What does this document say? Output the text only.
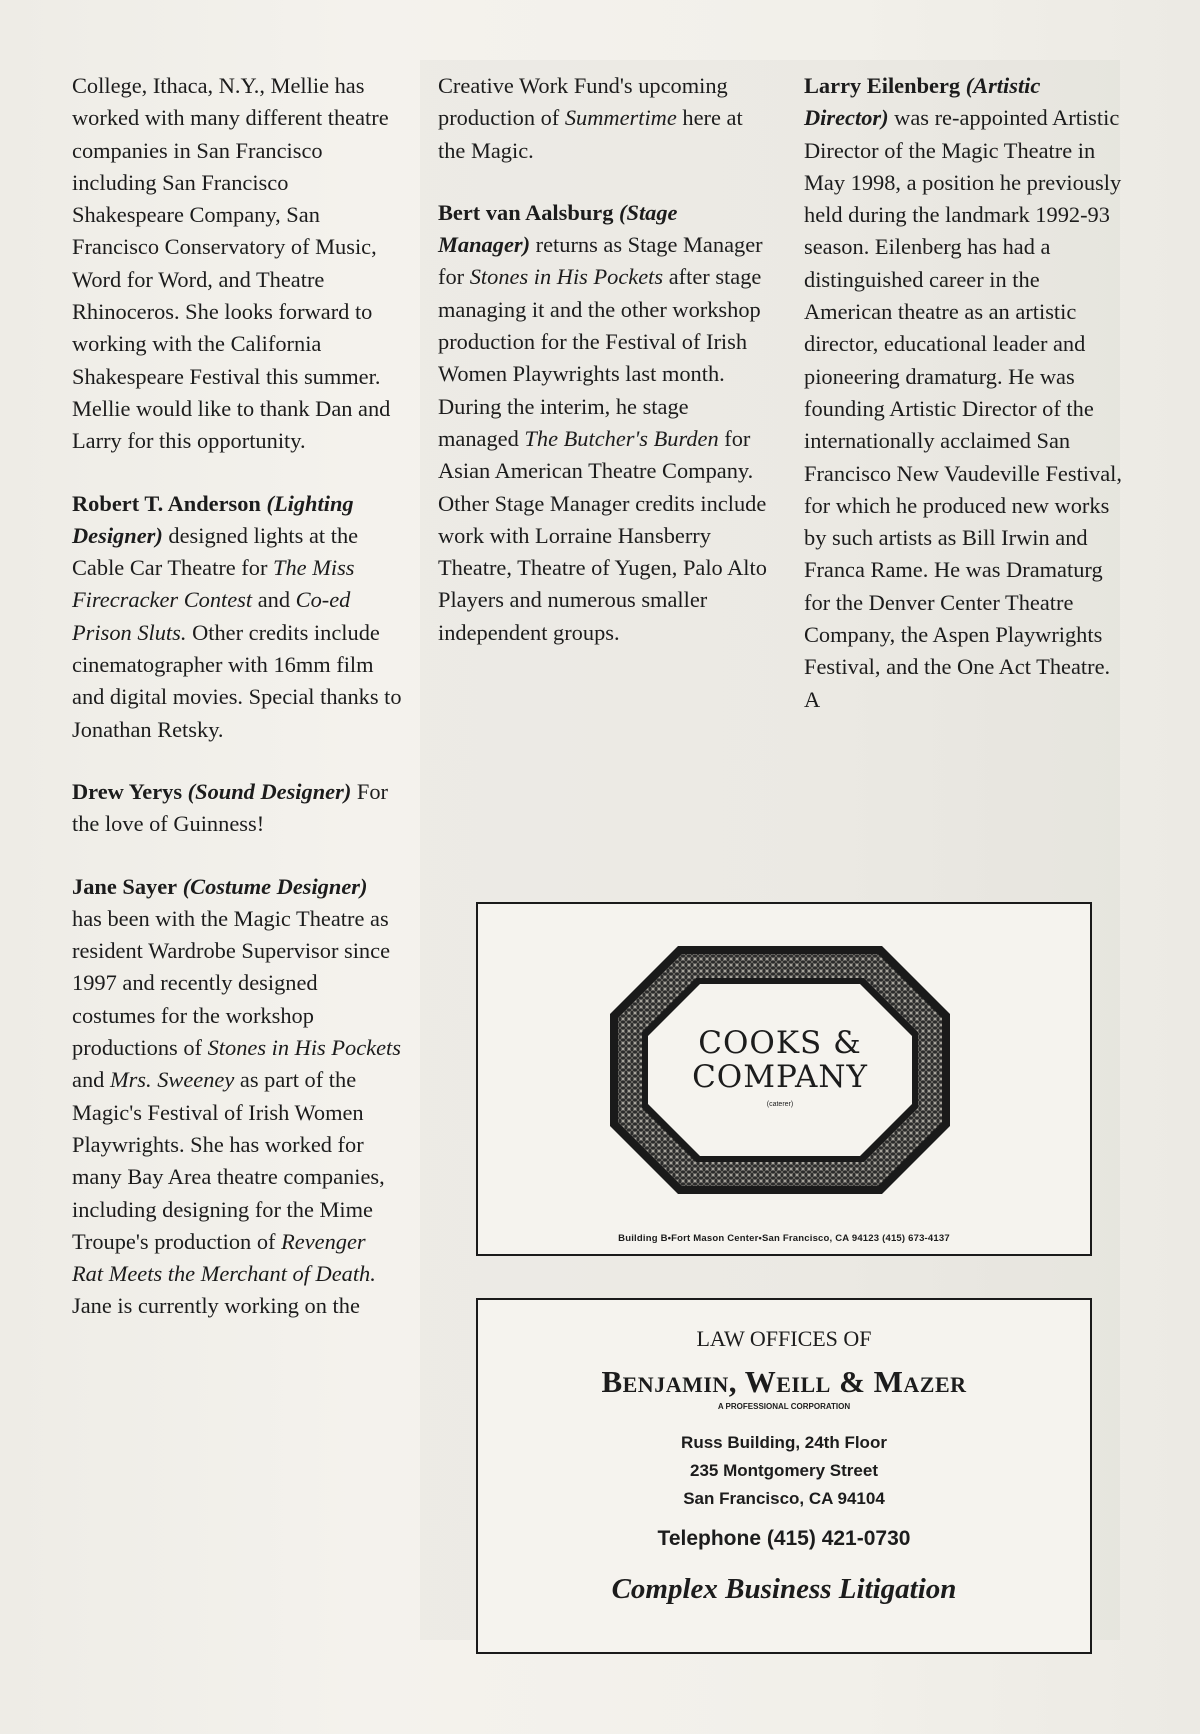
College, Ithaca, N.Y., Mellie has worked with many different theatre companies in San Francisco including San Francisco Shakespeare Company, San Francisco Conservatory of Music, Word for Word, and Theatre Rhinoceros. She looks forward to working with the California Shakespeare Festival this summer. Mellie would like to thank Dan and Larry for this opportunity.

Robert T. Anderson (Lighting Designer) designed lights at the Cable Car Theatre for The Miss Firecracker Contest and Co-ed Prison Sluts. Other credits include cinematographer with 16mm film and digital movies. Special thanks to Jonathan Retsky.

Drew Yerys (Sound Designer) For the love of Guinness!

Jane Sayer (Costume Designer) has been with the Magic Theatre as resident Wardrobe Supervisor since 1997 and recently designed costumes for the workshop productions of Stones in His Pockets and Mrs. Sweeney as part of the Magic's Festival of Irish Women Playwrights. She has worked for many Bay Area theatre companies, including designing for the Mime Troupe's production of Revenger Rat Meets the Merchant of Death. Jane is currently working on the

Creative Work Fund's upcoming production of Summertime here at the Magic.

Bert van Aalsburg (Stage Manager) returns as Stage Manager for Stones in His Pockets after stage managing it and the other workshop production for the Festival of Irish Women Playwrights last month. During the interim, he stage managed The Butcher's Burden for Asian American Theatre Company. Other Stage Manager credits include work with Lorraine Hansberry Theatre, Theatre of Yugen, Palo Alto Players and numerous smaller independent groups.

Larry Eilenberg (Artistic Director) was re-appointed Artistic Director of the Magic Theatre in May 1998, a position he previously held during the landmark 1992-93 season. Eilenberg has had a distinguished career in the American theatre as an artistic director, educational leader and pioneering dramaturg. He was founding Artistic Director of the internationally acclaimed San Francisco New Vaudeville Festival, for which he produced new works by such artists as Bill Irwin and Franca Rame. He was Dramaturg for the Denver Center Theatre Company, the Aspen Playwrights Festival, and the One Act Theatre. A

COOKS &
COMPANY
(caterer)
Building B•Fort Mason Center•San Francisco, CA 94123 (415) 673-4137
LAW OFFICES OF
Benjamin, Weill & Mazer
A PROFESSIONAL CORPORATION
Russ Building, 24th Floor
235 Montgomery Street
San Francisco, CA 94104
Telephone (415) 421-0730
Complex Business Litigation
